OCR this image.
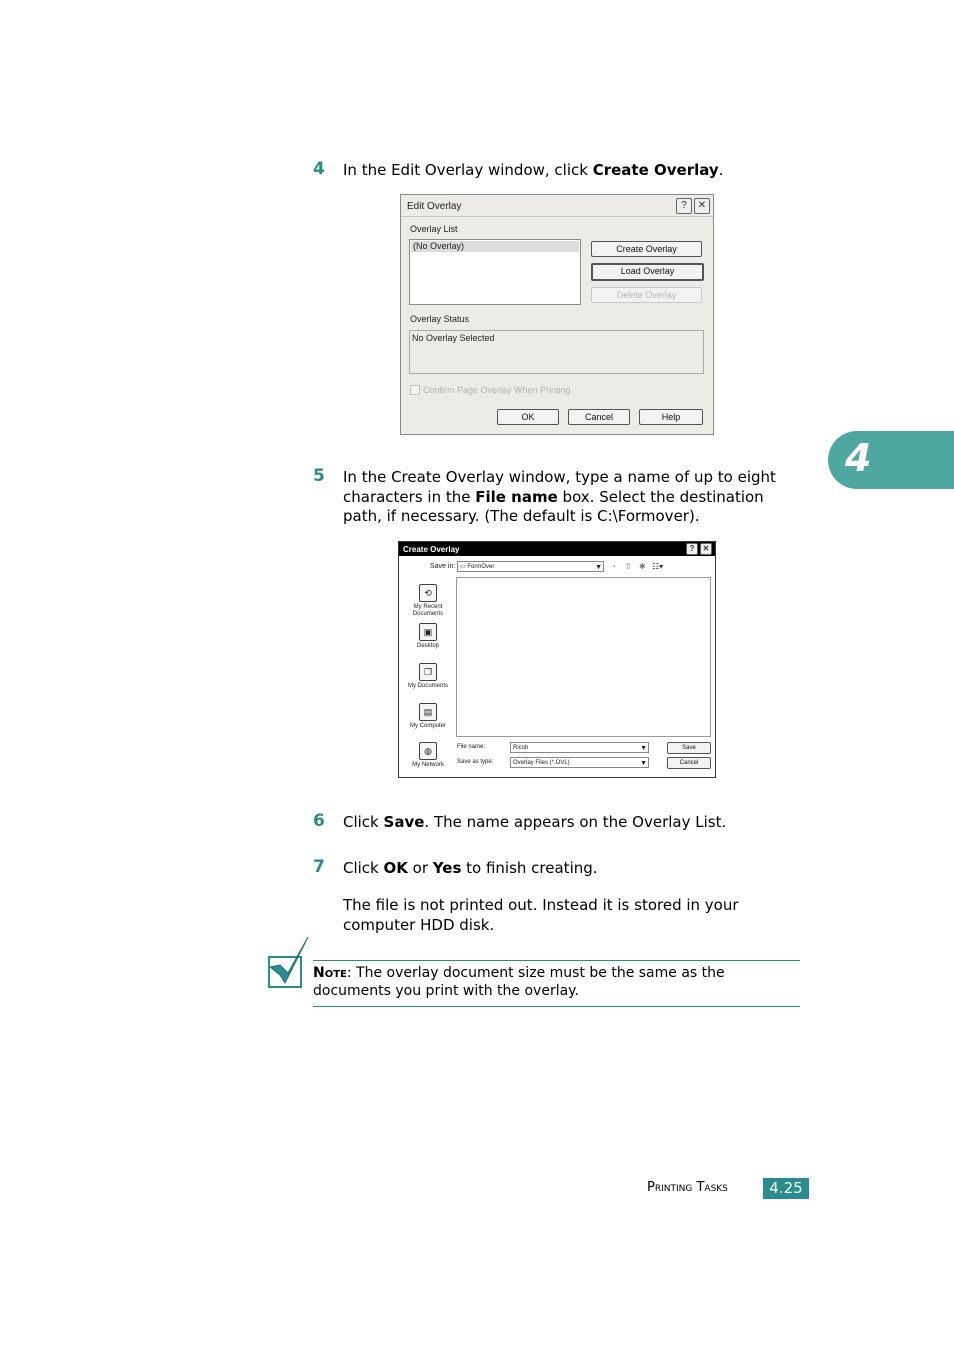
4 In the Edit Overlay window, click Create Overlay.
Edit Overlay	?	✕
Overlay List
(No Overlay)	Create Overlay
Load Overlay
Delete Overlay
Overlay Status
No Overlay Selected
Confirm Page Overlay When Printing
OK	Cancel	Help
4
5 In the Create Overlay window, type a name of up to eight characters in the File name box. Select the destination path, if necessary. (The default is C:\Formover).
Create Overlay	?	✕
Save in: ▭ FormOver	▼ ◔ ⇧ ✱ ☷▾
⟲
My Recent Documents
▣
Desktop
❐
My Documents
▤
My Computer
◍
My Network
File name:	Ricoh	▼
Save as type:	Overlay Files (*.OVL)	▼
Save
Cancel
6 Click Save. The name appears on the Overlay List.
7 Click OK or Yes to finish creating.
The file is not printed out. Instead it is stored in your computer HDD disk.
Note: The overlay document size must be the same as the documents you print with the overlay.
Printing Tasks	4.25
